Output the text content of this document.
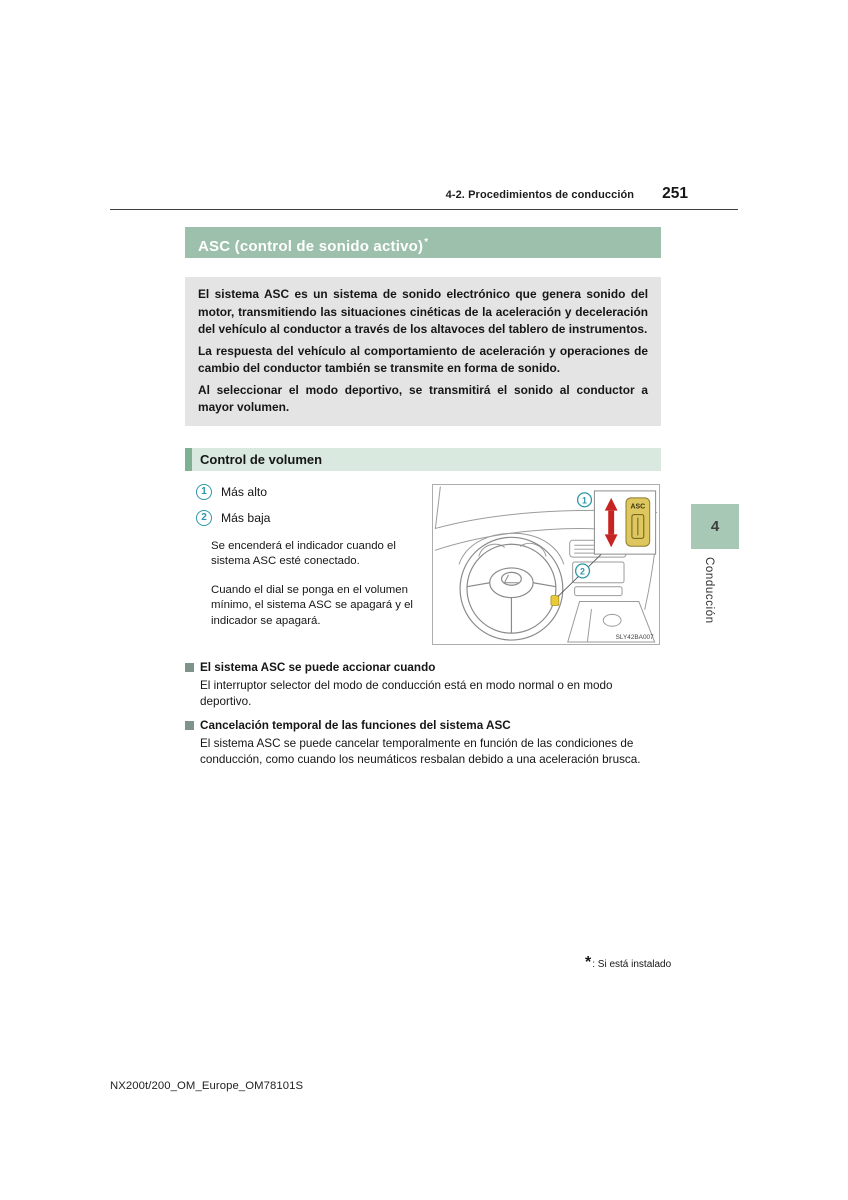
4-2. Procedimientos de conducción 251
ASC (control de sonido activo)*

El sistema ASC es un sistema de sonido electrónico que genera sonido del motor, transmitiendo las situaciones cinéticas de la aceleración y deceleración del vehículo al conductor a través de los altavoces del tablero de instrumentos.

La respuesta del vehículo al comportamiento de aceleración y operaciones de cambio del conductor también se transmite en forma de sonido.

Al seleccionar el modo deportivo, se transmitirá el sonido al conductor a mayor volumen.

Control de volumen
1	Más alto
2	Más baja

Se encenderá el indicador cuando el sistema ASC esté conectado.

Cuando el dial se ponga en el volumen mínimo, el sistema ASC se apagará y el indicador se apagará.

ASC
1
2
SLY42BA007
El sistema ASC se puede accionar cuando

El interruptor selector del modo de conducción está en modo normal o en modo deportivo.

Cancelación temporal de las funciones del sistema ASC

El sistema ASC se puede cancelar temporalmente en función de las condiciones de conducción, como cuando los neumáticos resbalan debido a una aceleración brusca.

* : Si está instalado
4
Conducción
NX200t/200_OM_Europe_OM78101S
